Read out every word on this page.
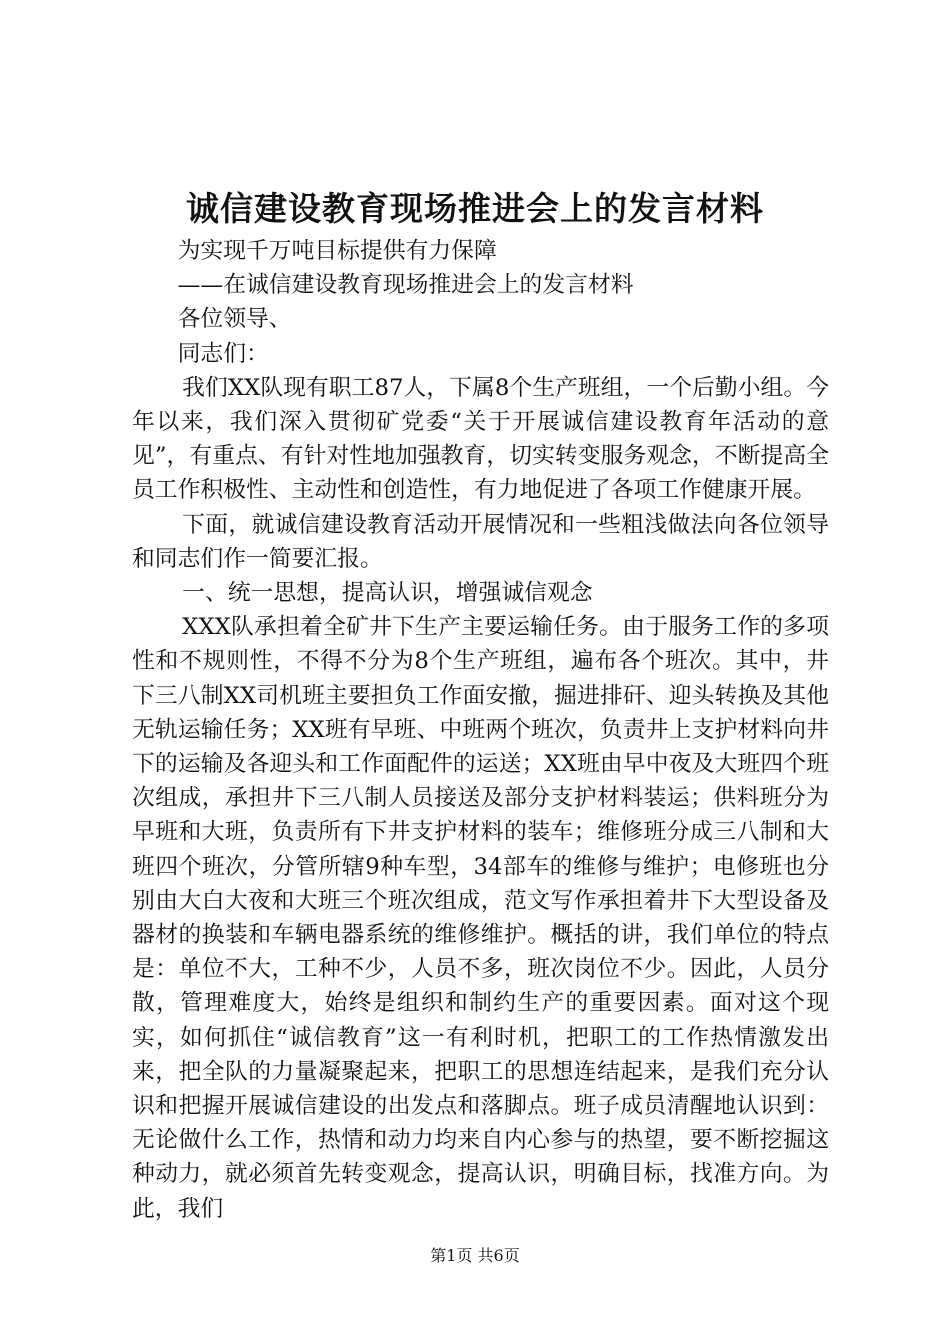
诚信建设教育现场推进会上的发言材料

为实现千万吨目标提供有力保障

——在诚信建设教育现场推进会上的发言材料

各位领导、

同志们：

我们XX队现有职工87人，下属8个生产班组，一个后勤小组。今年以来，我们深入贯彻矿党委“关于开展诚信建设教育年活动的意见”，有重点、有针对性地加强教育，切实转变服务观念，不断提高全员工作积极性、主动性和创造性，有力地促进了各项工作健康开展。

下面，就诚信建设教育活动开展情况和一些粗浅做法向各位领导和同志们作一简要汇报。

一、统一思想，提高认识，增强诚信观念

XXX队承担着全矿井下生产主要运输任务。由于服务工作的多项性和不规则性，不得不分为8个生产班组，遍布各个班次。其中，井下三八制XX司机班主要担负工作面安撤，掘进排矸、迎头转换及其他无轨运输任务；XX班有早班、中班两个班次，负责井上支护材料向井下的运输及各迎头和工作面配件的运送；XX班由早中夜及大班四个班次组成，承担井下三八制人员接送及部分支护材料装运；供料班分为早班和大班，负责所有下井支护材料的装车；维修班分成三八制和大班四个班次，分管所辖9种车型，34部车的维修与维护；电修班也分别由大白大夜和大班三个班次组成，范文写作承担着井下大型设备及器材的换装和车辆电器系统的维修维护。概括的讲，我们单位的特点是：单位不大，工种不少，人员不多，班次岗位不少。因此，人员分散，管理难度大，始终是组织和制约生产的重要因素。面对这个现实，如何抓住“诚信教育”这一有利时机，把职工的工作热情激发出来，把全队的力量凝聚起来，把职工的思想连结起来，是我们充分认识和把握开展诚信建设的出发点和落脚点。班子成员清醒地认识到：无论做什么工作，热情和动力均来自内心参与的热望，要不断挖掘这种动力，就必须首先转变观念，提高认识，明确目标，找准方向。为此，我们

第1页 共6页
